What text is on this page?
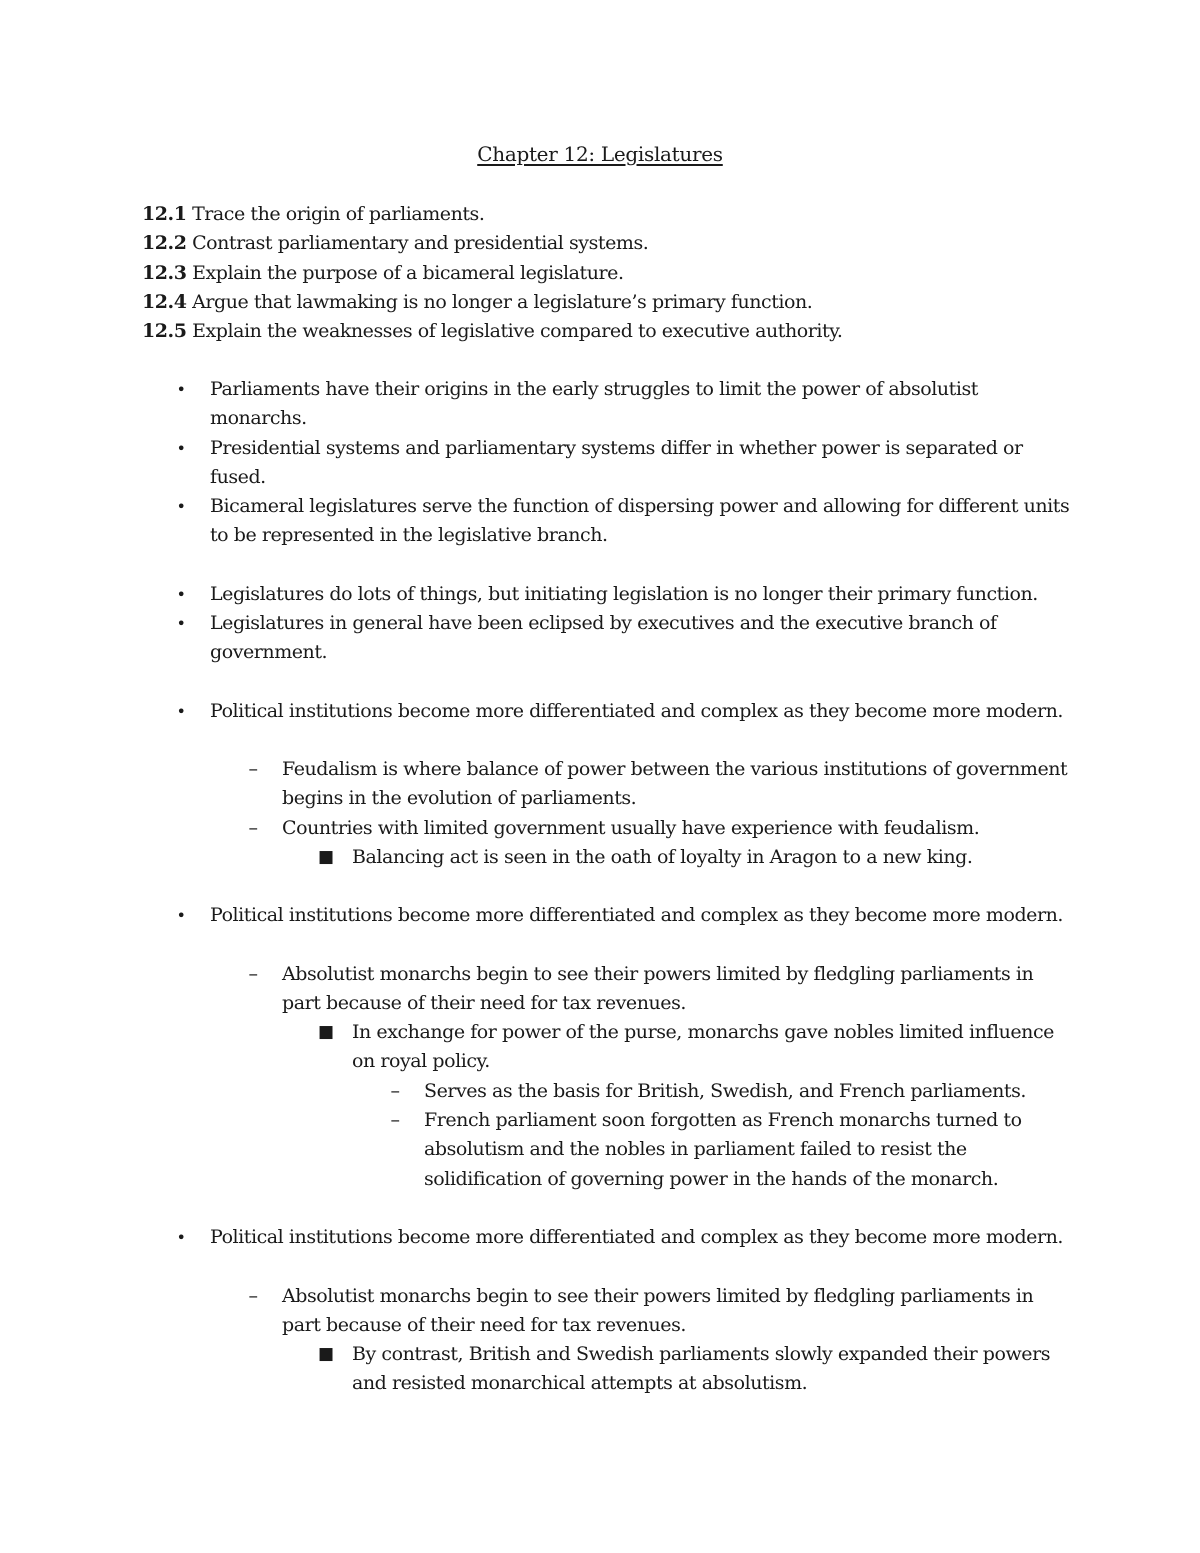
Chapter 12: Legislatures
12.1 Trace the origin of parliaments.
12.2 Contrast parliamentary and presidential systems.
12.3 Explain the purpose of a bicameral legislature.
12.4 Argue that lawmaking is no longer a legislature’s primary function.
12.5 Explain the weaknesses of legislative compared to executive authority.
• Parliaments have their origins in the early struggles to limit the power of absolutist monarchs.
• Presidential systems and parliamentary systems differ in whether power is separated or fused.
• Bicameral legislatures serve the function of dispersing power and allowing for different units to be represented in the legislative branch.
• Legislatures do lots of things, but initiating legislation is no longer their primary function.
• Legislatures in general have been eclipsed by executives and the executive branch of government.
• Political institutions become more differentiated and complex as they become more modern.
– Feudalism is where balance of power between the various institutions of government begins in the evolution of parliaments.
– Countries with limited government usually have experience with feudalism.
■ Balancing act is seen in the oath of loyalty in Aragon to a new king.
• Political institutions become more differentiated and complex as they become more modern.
– Absolutist monarchs begin to see their powers limited by fledgling parliaments in part because of their need for tax revenues.
■ In exchange for power of the purse, monarchs gave nobles limited influence on royal policy.
– Serves as the basis for British, Swedish, and French parliaments.
– French parliament soon forgotten as French monarchs turned to absolutism and the nobles in parliament failed to resist the solidification of governing power in the hands of the monarch.
• Political institutions become more differentiated and complex as they become more modern.
– Absolutist monarchs begin to see their powers limited by fledgling parliaments in part because of their need for tax revenues.
■ By contrast, British and Swedish parliaments slowly expanded their powers and resisted monarchical attempts at absolutism.
